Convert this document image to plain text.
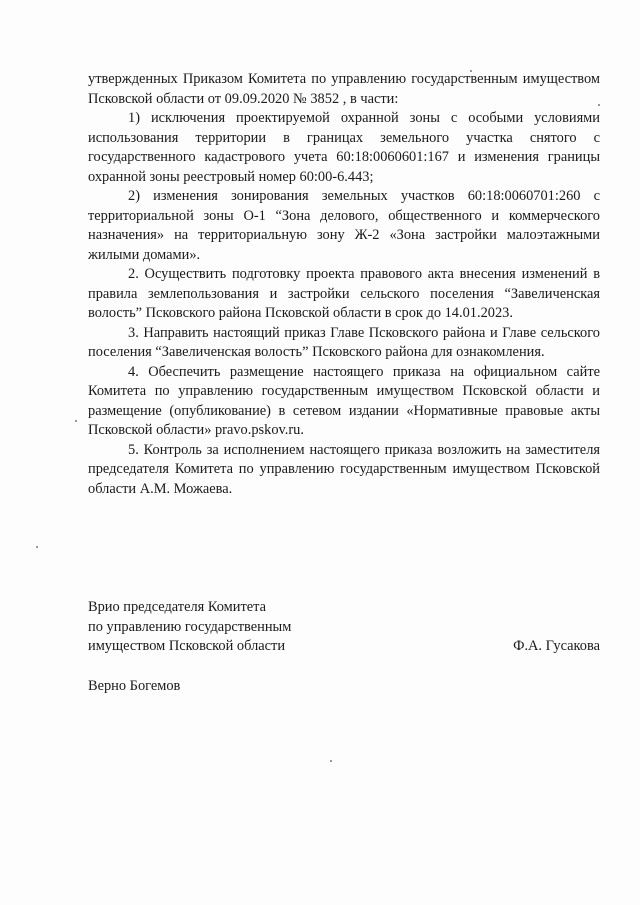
утвержденных Приказом Комитета по управлению государственным имуществом Псковской области от 09.09.2020 № 3852 , в части:

1) исключения проектируемой охранной зоны с особыми условиями использования территории в границах земельного участка снятого с государственного кадастрового учета 60:18:0060601:167 и изменения границы охранной зоны реестровый номер 60:00-6.443;

2) изменения зонирования земельных участков 60:18:0060701:260 с территориальной зоны О-1 “Зона делового, общественного и коммерческого назначения» на территориальную зону Ж-2 «Зона застройки малоэтажными жилыми домами».

2. Осуществить подготовку проекта правового акта внесения изменений в правила землепользования и застройки сельского поселения “Завеличенская волость” Псковского района Псковской области в срок до 14.01.2023.

3. Направить настоящий приказ Главе Псковского района и Главе сельского поселения “Завеличенская волость” Псковского района для ознакомления.

4. Обеспечить размещение настоящего приказа на официальном сайте Комитета по управлению государственным имуществом Псковской области и размещение (опубликование) в сетевом издании «Нормативные правовые акты Псковской области» pravo.pskov.ru.

5. Контроль за исполнением настоящего приказа возложить на заместителя председателя Комитета по управлению государственным имуществом Псковской области А.М. Можаева.

Врио председателя Комитета
по управлению государственным
имуществом Псковской области	Ф.А. Гусакова
Верно Богемов
